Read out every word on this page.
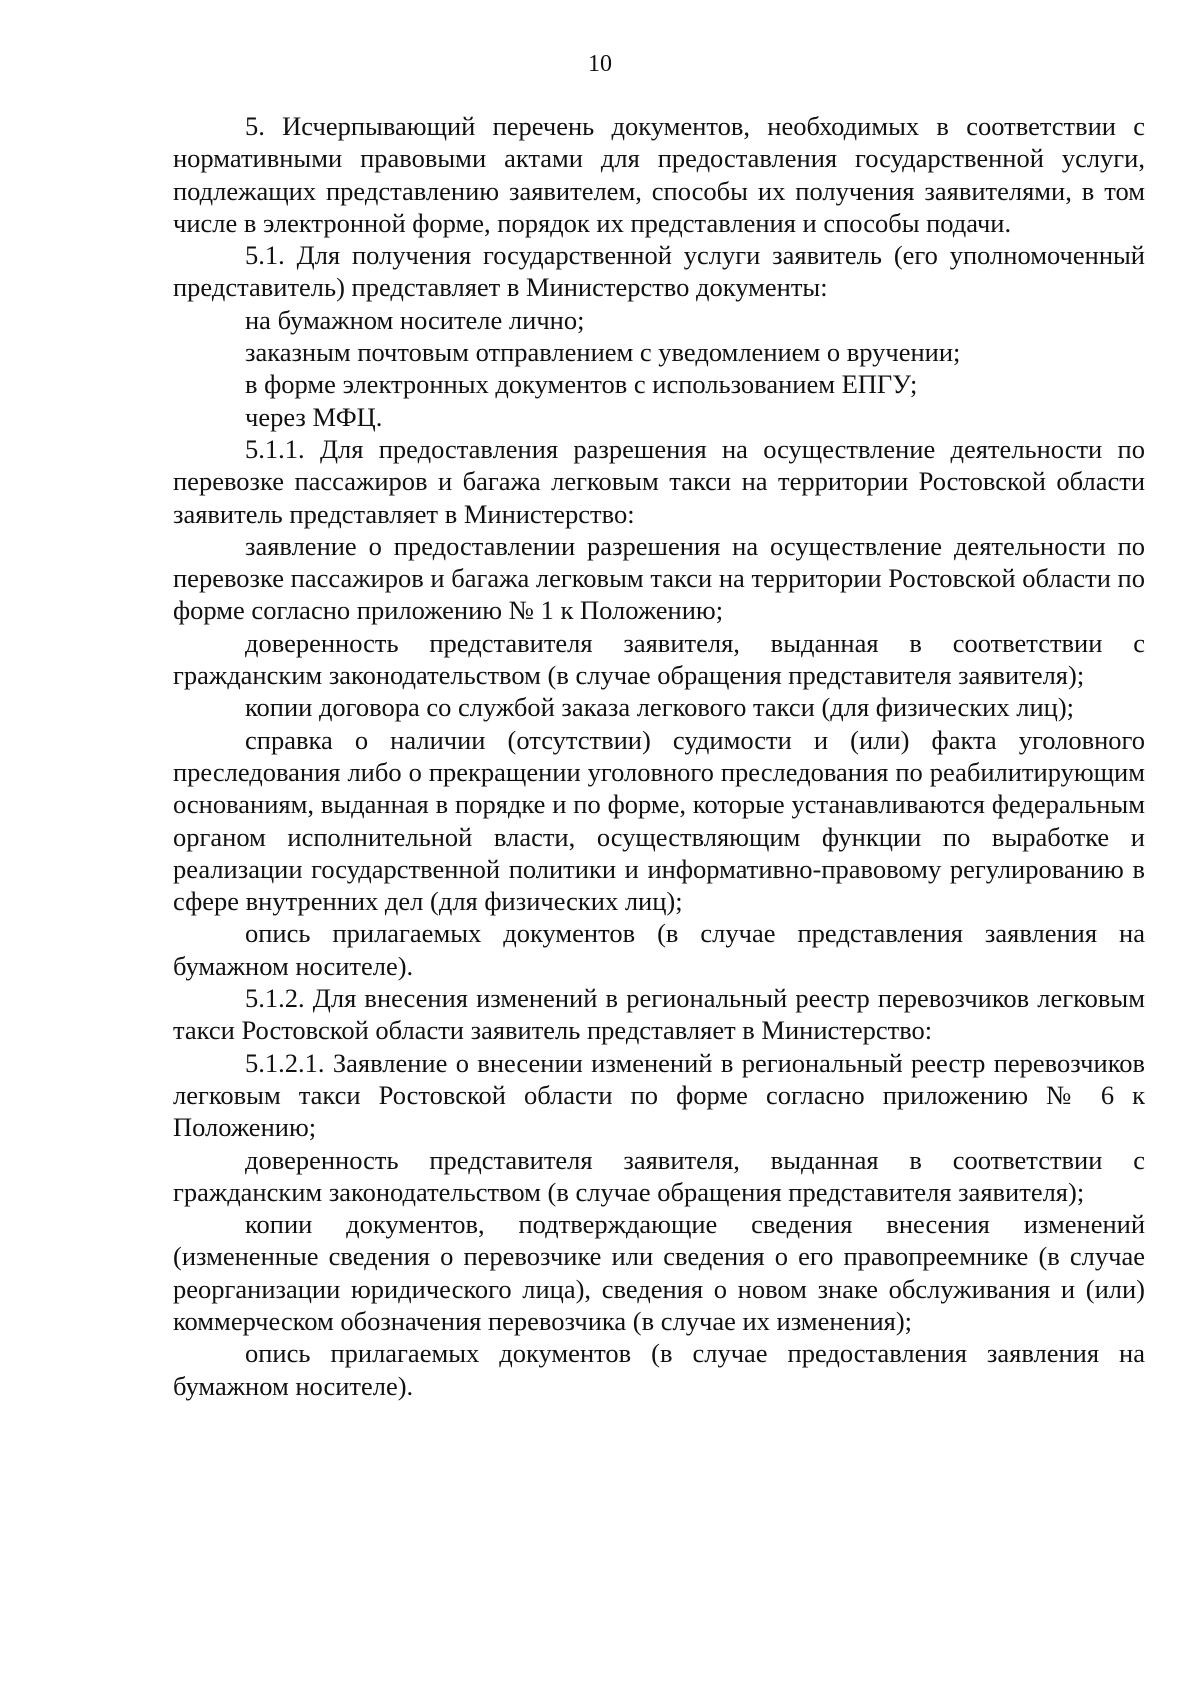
10

5. Исчерпывающий перечень документов, необходимых в соответствии с нормативными правовыми актами для предоставления государственной услуги, подлежащих представлению заявителем, способы их получения заявителями, в том числе в электронной форме, порядок их представления и способы подачи.

5.1. Для получения государственной услуги заявитель (его уполномоченный представитель) представляет в Министерство документы:

на бумажном носителе лично;

заказным почтовым отправлением с уведомлением о вручении;

в форме электронных документов с использованием ЕПГУ;

через МФЦ.

5.1.1. Для предоставления разрешения на осуществление деятельности по перевозке пассажиров и багажа легковым такси на территории Ростовской области заявитель представляет в Министерство:

заявление о предоставлении разрешения на осуществление деятельности по перевозке пассажиров и багажа легковым такси на территории Ростовской области по форме согласно приложению № 1 к Положению;

доверенность представителя заявителя, выданная в соответствии с гражданским законодательством (в случае обращения представителя заявителя);

копии договора со службой заказа легкового такси (для физических лиц);

справка о наличии (отсутствии) судимости и (или) факта уголовного преследования либо о прекращении уголовного преследования по реабилитирующим основаниям, выданная в порядке и по форме, которые устанавливаются федеральным органом исполнительной власти, осуществляющим функции по выработке и реализации государственной политики и информативно-правовому регулированию в сфере внутренних дел (для физических лиц);

опись прилагаемых документов (в случае представления заявления на бумажном носителе).

5.1.2. Для внесения изменений в региональный реестр перевозчиков легковым такси Ростовской области заявитель представляет в Министерство:

5.1.2.1. Заявление о внесении изменений в региональный реестр перевозчиков легковым такси Ростовской области по форме согласно приложению № 6 к Положению;

доверенность представителя заявителя, выданная в соответствии с гражданским законодательством (в случае обращения представителя заявителя);

копии документов, подтверждающие сведения внесения изменений (измененные сведения о перевозчике или сведения о его правопреемнике (в случае реорганизации юридического лица), сведения о новом знаке обслуживания и (или) коммерческом обозначения перевозчика (в случае их изменения);

опись прилагаемых документов (в случае предоставления заявления на бумажном носителе).
